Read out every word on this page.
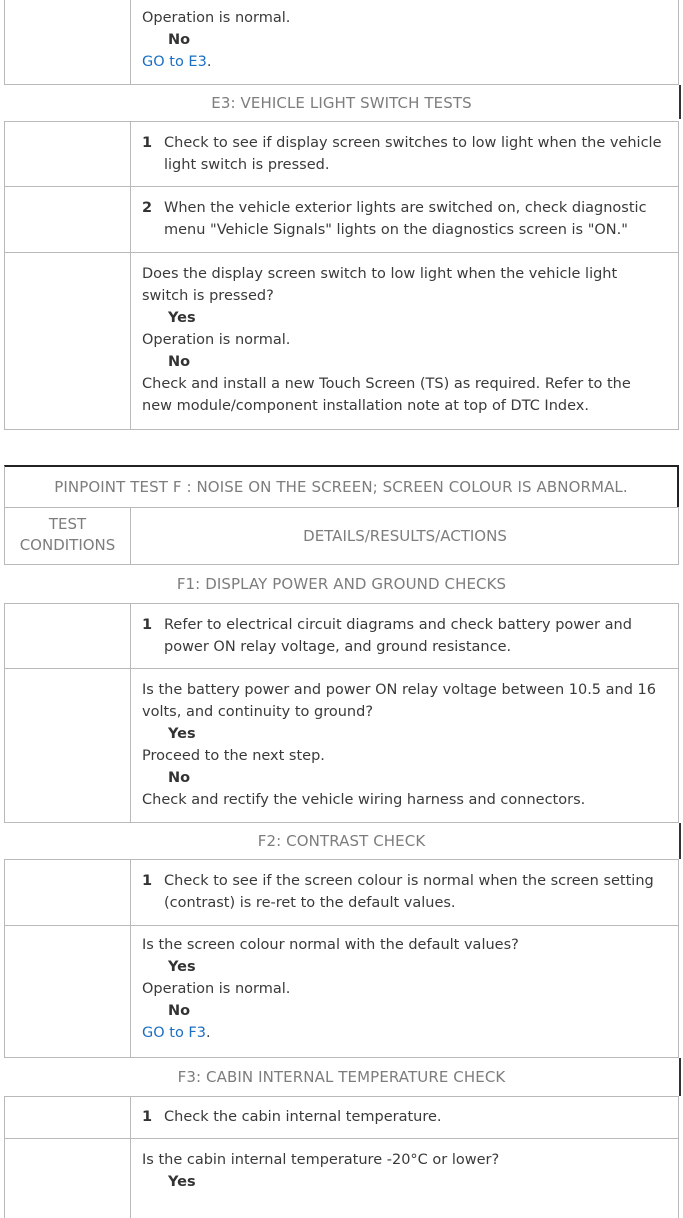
Operation is normal.
No
GO to E3.
E3: VEHICLE LIGHT SWITCH TESTS
1 Check to see if display screen switches to low light when the vehicle light switch is pressed.
2 When the vehicle exterior lights are switched on, check diagnostic menu "Vehicle Signals" lights on the diagnostics screen is "ON."
Does the display screen switch to low light when the vehicle light switch is pressed?
Yes
Operation is normal.
No
Check and install a new Touch Screen (TS) as required. Refer to the new module/component installation note at top of DTC Index.
PINPOINT TEST F : NOISE ON THE SCREEN; SCREEN COLOUR IS ABNORMAL.
TEST CONDITIONS	DETAILS/RESULTS/ACTIONS
F1: DISPLAY POWER AND GROUND CHECKS
1 Refer to electrical circuit diagrams and check battery power and power ON relay voltage, and ground resistance.
Is the battery power and power ON relay voltage between 10.5 and 16 volts, and continuity to ground?
Yes
Proceed to the next step.
No
Check and rectify the vehicle wiring harness and connectors.
F2: CONTRAST CHECK
1 Check to see if the screen colour is normal when the screen setting (contrast) is re-ret to the default values.
Is the screen colour normal with the default values?
Yes
Operation is normal.
No
GO to F3.
F3: CABIN INTERNAL TEMPERATURE CHECK
1 Check the cabin internal temperature.
Is the cabin internal temperature -20°C or lower?
Yes
